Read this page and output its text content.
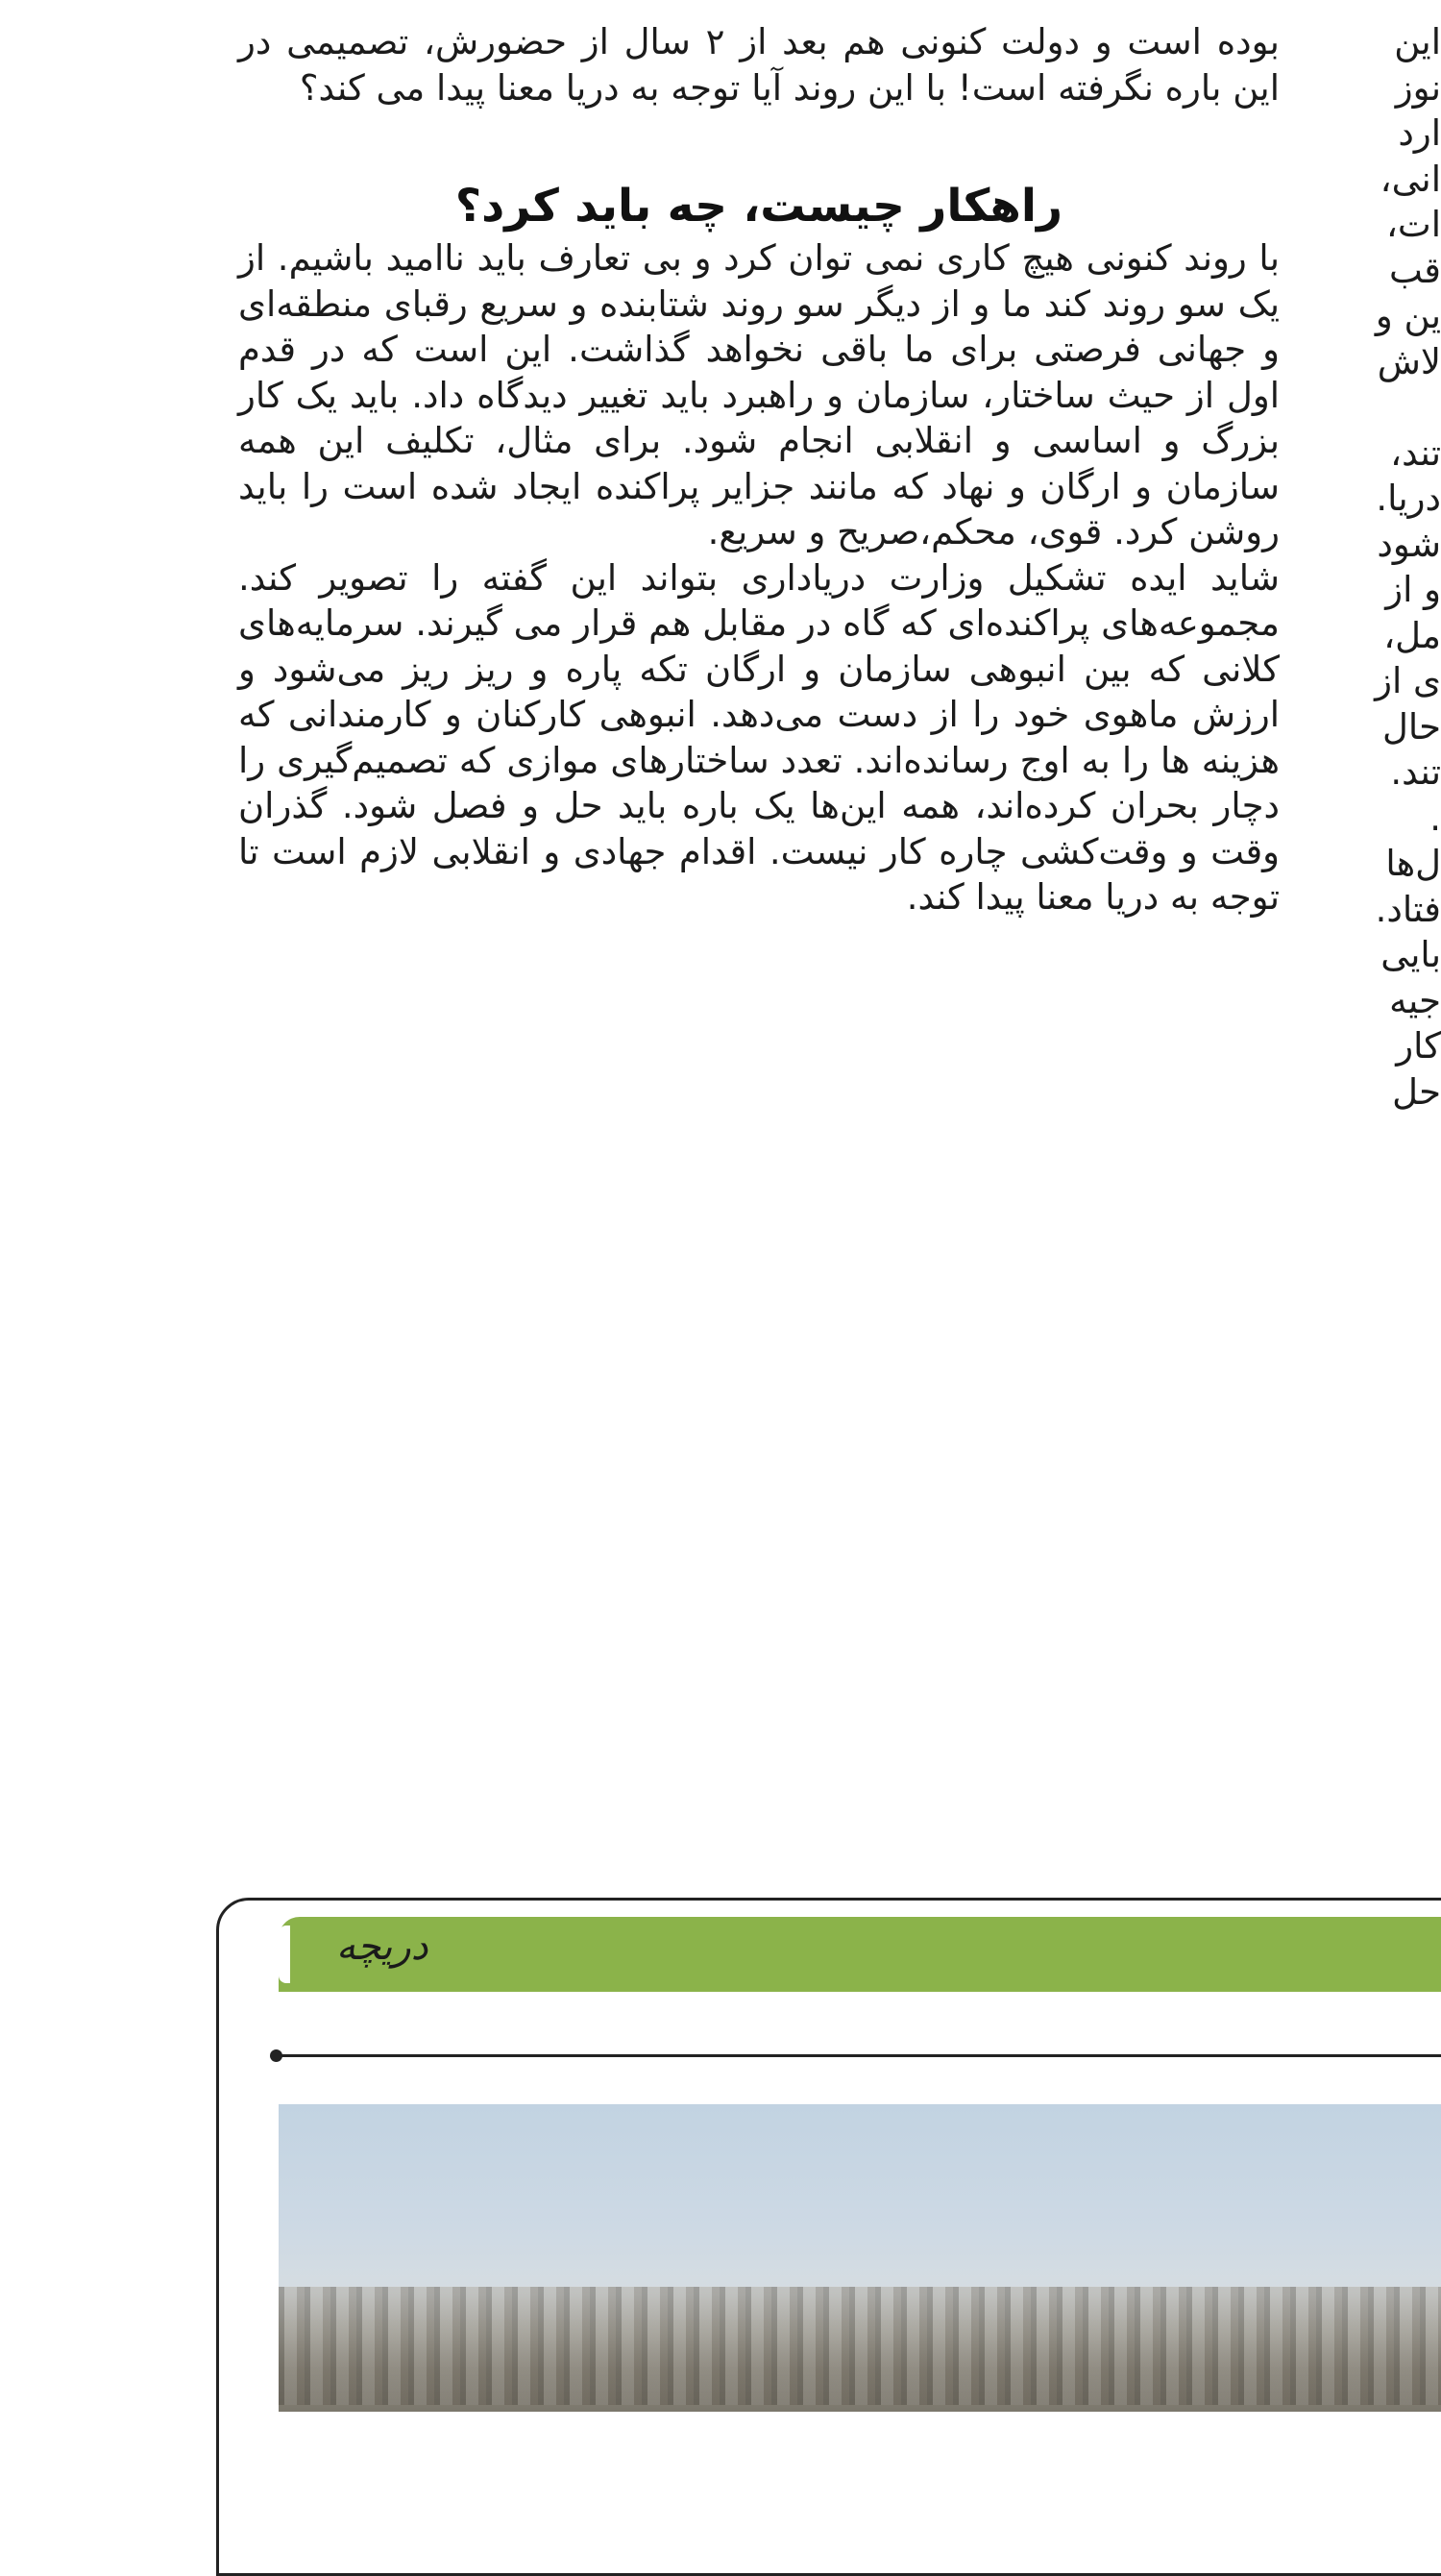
بوده است و دولت کنونی هم بعد از ۲ سال از حضورش، تصمیمی در این باره نگرفته است! با این روند آیا توجه به دریا معنا پیدا می کند؟

راهکار چیست، چه باید کرد؟

با روند کنونی هیچ کاری نمی توان کرد و بی تعارف باید ناامید باشیم. از یک سو روند کند ما و از دیگر سو روند شتابنده و سریع رقبای منطقه‌ای و جهانی فرصتی برای ما باقی نخواهد گذاشت. این است که در قدم اول از حیث ساختار، سازمان و راهبرد باید تغییر دیدگاه داد. باید یک کار بزرگ و اساسی و انقلابی انجام شود. برای مثال، تکلیف این همه سازمان و ارگان و نهاد که مانند جزایر پراکنده ایجاد شده است را باید روشن کرد. قوی، محکم،صریح و سریع.

شاید ایده تشکیل وزارت دریاداری بتواند این گفته را تصویر کند. مجموعه‌های پراکنده‌ای که گاه در مقابل هم قرار می گیرند. سرمایه‌های کلانی که بین انبوهی سازمان و ارگان تکه پاره و ریز ریز می‌شود و ارزش ماهوی خود را از دست می‌دهد. انبوهی کارکنان و کارمندانی که هزینه ها را به اوج رسانده‌اند. تعدد ساختارهای موازی که تصمیم‌گیری را دچار بحران کرده‌اند، همه این‌ها یک باره باید حل و فصل شود. گذران وقت و وقت‌کشی چاره کار نیست. اقدام جهادی و انقلابی لازم است تا توجه به دریا معنا پیدا کند.

این
نوز
ارد
انی،
ات،
قب
ین و
لاش
تند،
دریا.
شود
و از
مل،
ی از
حال
تند.
.
ل‌ها
فتاد.
بایی
جیه
کار
حل
دریچه
